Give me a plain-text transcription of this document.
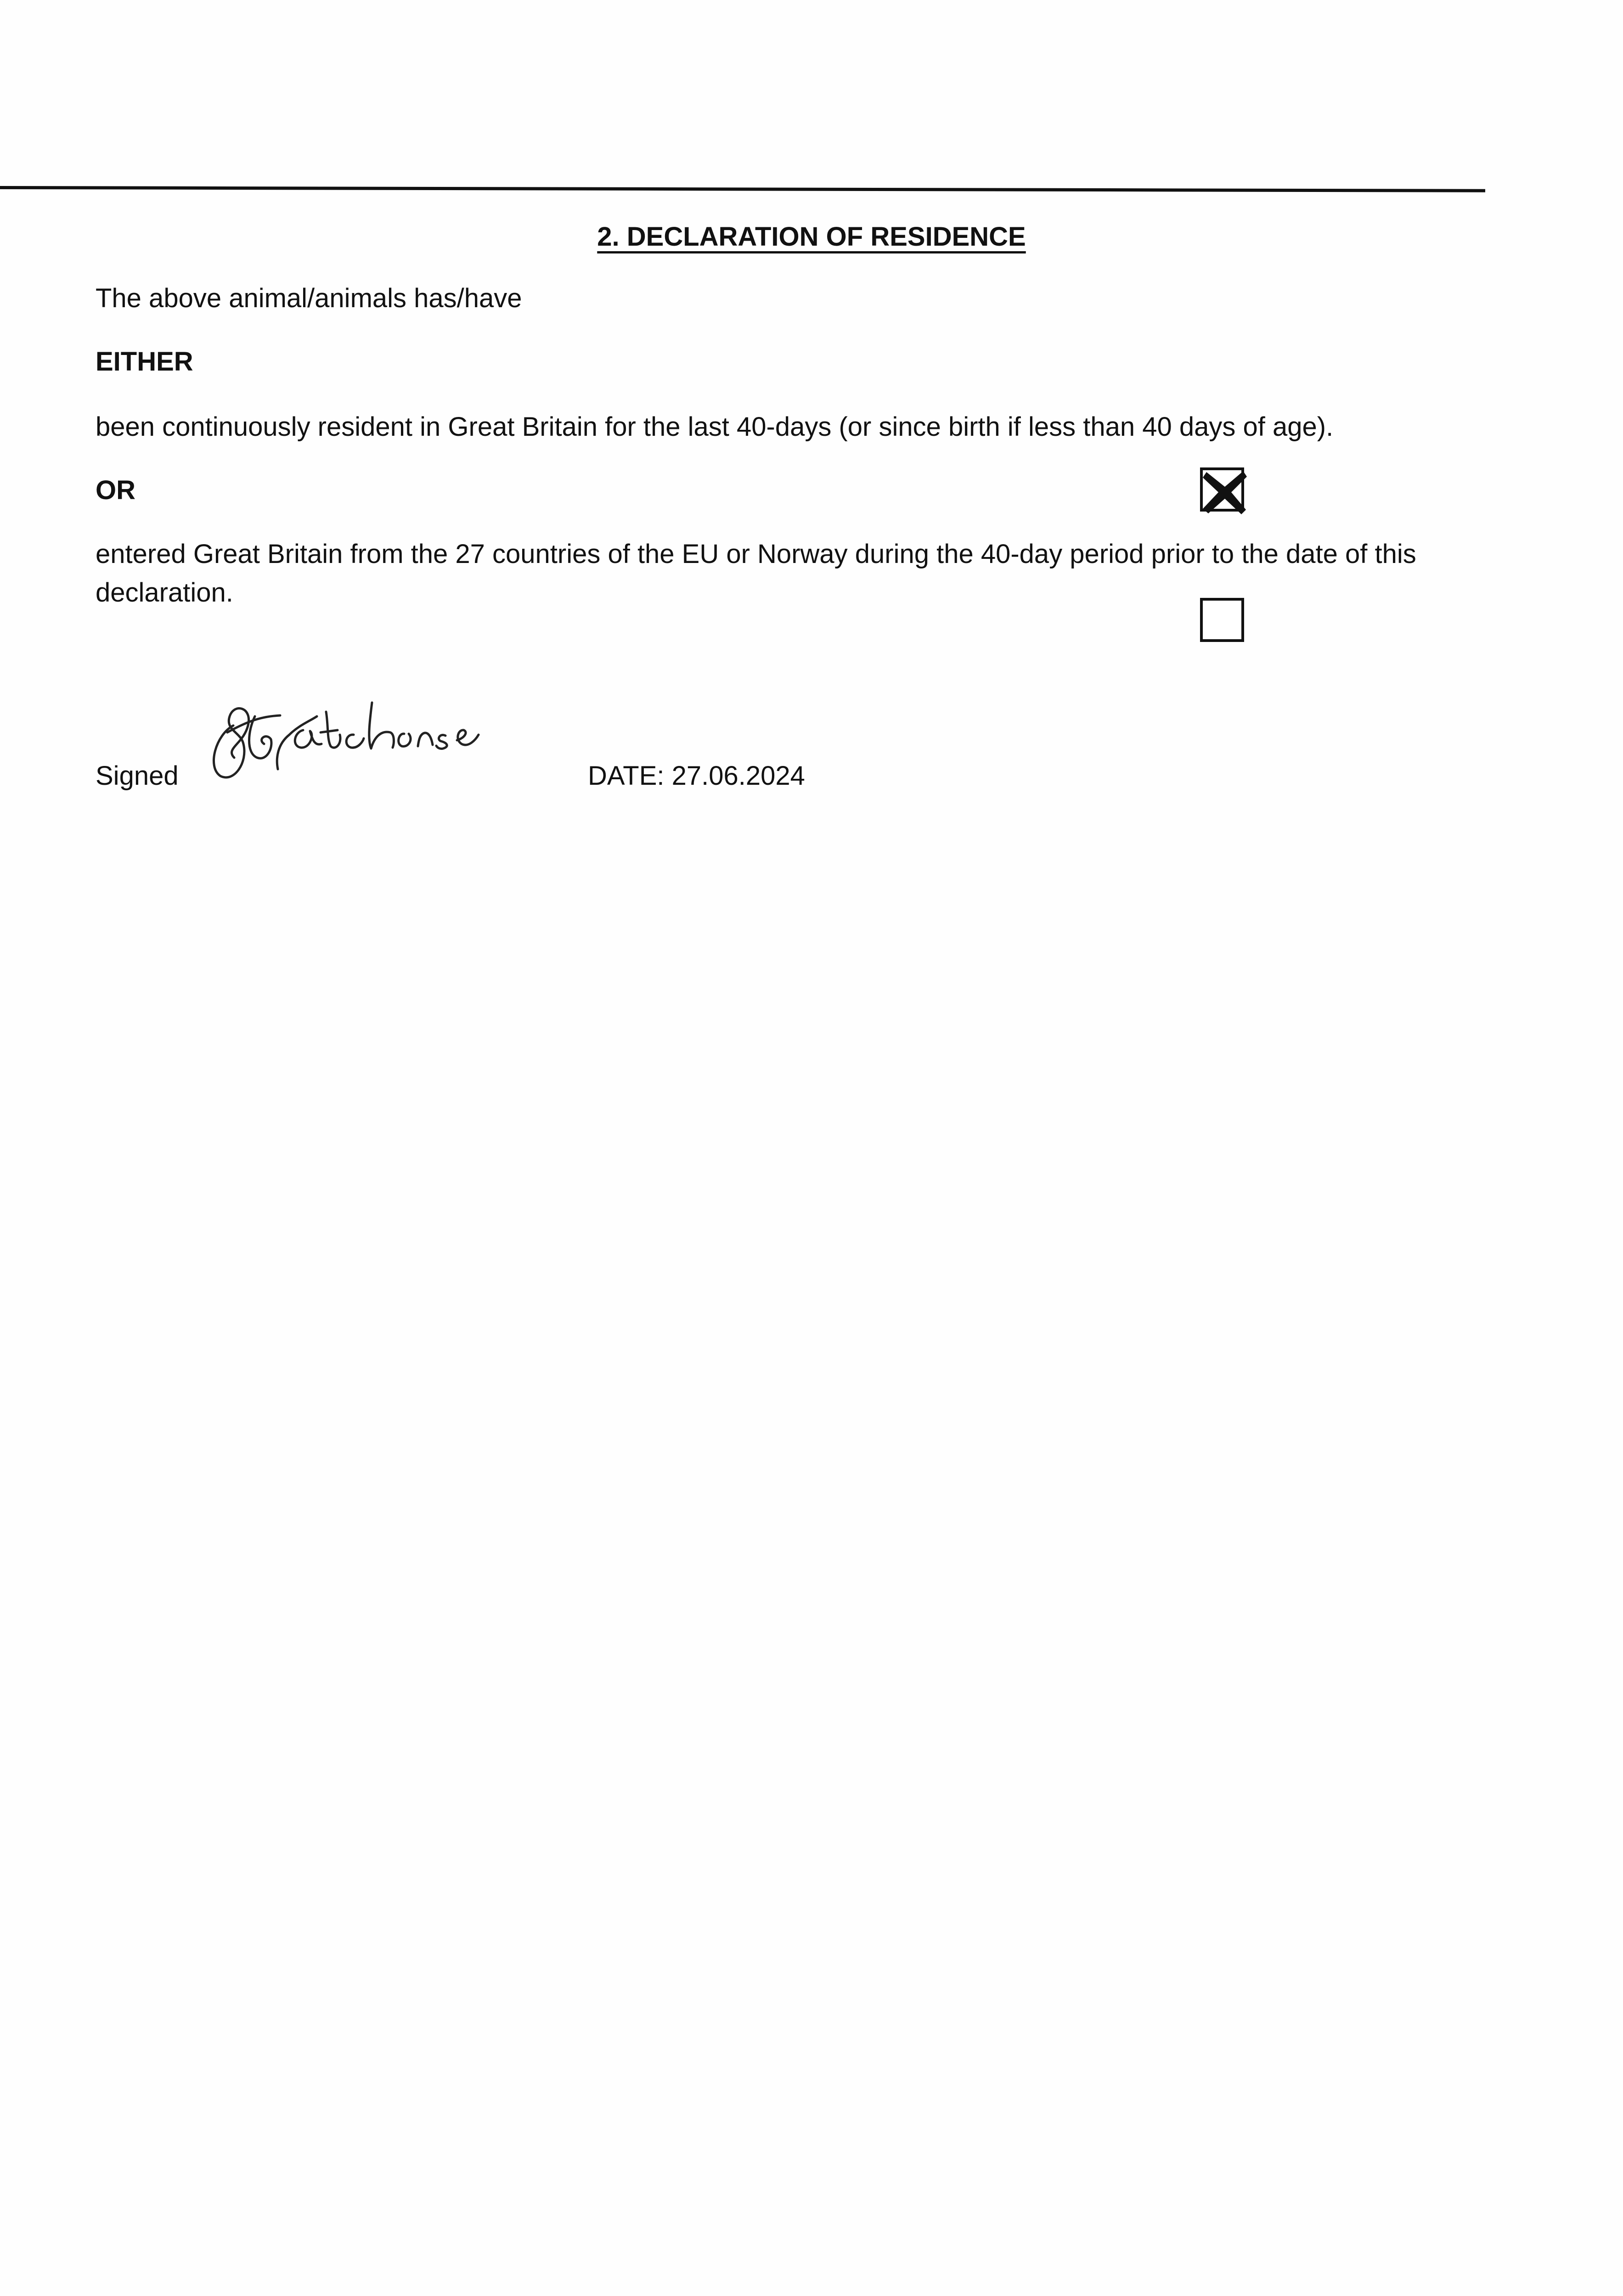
2. DECLARATION OF RESIDENCE
The above animal/animals has/have
EITHER
been continuously resident in Great Britain for the last 40-days (or since birth if less than 40 days of age).
OR
entered Great Britain from the 27 countries of the EU or Norway during the 40-day period prior to the date of this declaration.
Signed	DATE: 27.06.2024
